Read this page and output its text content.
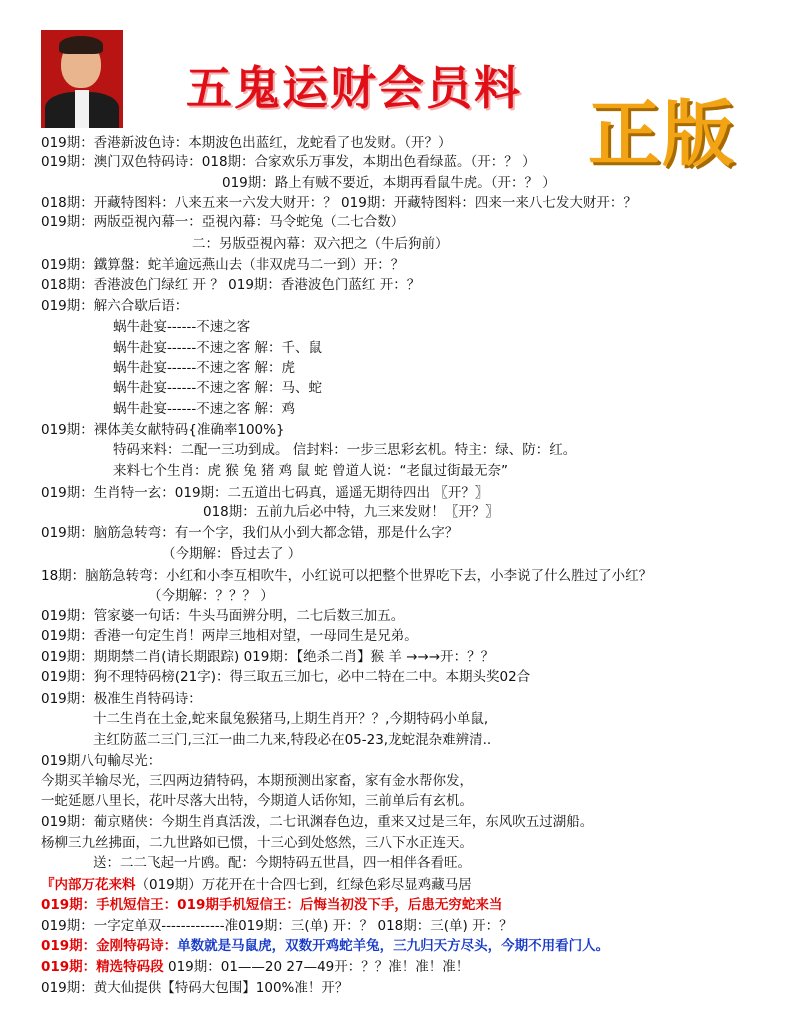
五鬼运财会员料
正版
019期：香港新波色诗：本期波色出蓝红，龙蛇看了也发财。（开？）
019期：澳门双色特码诗：018期：合家欢乐万事发，本期出色看绿蓝。（开：？ ）
019期：路上有贼不要近，本期再看鼠牛虎。（开：？ ）
018期：开藏特图料：八来五来一六发大财开：？ 019期：开藏特图料：四来一来八七发大财开：？
019期：两版亞視內幕一：亞視內幕：马令蛇兔（二七合数）
二：另版亞視內幕：双六把之（牛后狗前）
019期：鐵算盤：蛇羊逾远燕山去（非双虎马二一到）开：？
018期：香港波色门绿红 开 ？ 019期：香港波色门蓝红 开：？
019期：解六合歇后语：
蜗牛赴宴------不速之客
蜗牛赴宴------不速之客 解：千、鼠
蜗牛赴宴------不速之客 解：虎
蜗牛赴宴------不速之客 解：马、蛇
蜗牛赴宴------不速之客 解：鸡
019期：裸体美女献特码{准确率100%}
特码来料：二配一三功到成。 信封料：一步三思彩玄机。特主：绿、防：红。
来料七个生肖：虎 猴 兔 猪 鸡 鼠 蛇 曾道人说：“老鼠过街最无奈”
019期：生肖特一玄：019期：二五道出七码真，遥遥无期待四出 〖开？〗
018期：五前九后必中特，九三来发财！〖开？〗
019期：脑筋急转弯：有一个字，我们从小到大都念错，那是什么字？
（今期解：昏过去了 ）
18期：脑筋急转弯：小红和小李互相吹牛，小红说可以把整个世界吃下去，小李说了什么胜过了小红？
（今期解：？？？ ）
019期：管家婆一句话：牛头马面辨分明，二七后数三加五。
019期：香港一句定生肖！两岸三地相对望，一母同生是兄弟。
019期：期期禁二肖(请长期跟踪) 019期：【绝杀二肖】猴 羊 →→→开：？？
019期：狗不理特码榜(21字)：得三取五三加七，必中二特在二中。本期头奖02合
019期：极准生肖特码诗：
十二生肖在土金,蛇来鼠兔猴猪马,上期生肖开？？,今期特码小单鼠,
主红防蓝二三门,三江一曲二九来,特段必在05-23,龙蛇混杂难辨清..
019期八句輸尽光：
今期买羊输尽光，三四两边猜特码，本期预测出家畜，家有金水帮你发，
一蛇延愿八里长，花叶尽落大出特，今期道人话你知，三前单后有玄机。
019期：葡京赌侠：今期生肖真活泼，二七讯渊春色边，重来又过是三年，东风吹五过湖船。
杨柳三九丝拂面，二九世路如已惯，十三心到处悠然，三八下水正连天。
送：二二飞起一片鸥。配：今期特码五世昌，四一相伴各看旺。
『内部万花来料（019期）万花开在十合四七到，红绿色彩尽显鸡藏马居
019期：手机短信王：019期手机短信王：后悔当初没下手，后患无穷蛇来当
019期：一字定单双-------------准019期：三(单) 开：？ 018期：三(单) 开：？
019期：金刚特码诗：单数就是马鼠虎，双数开鸡蛇羊兔，三九归天方尽头，今期不用看门人。
019期：精选特码段 019期：01——20 27—49开：？？准！准！准！
019期：黄大仙提供【特码大包围】100%准！开？
